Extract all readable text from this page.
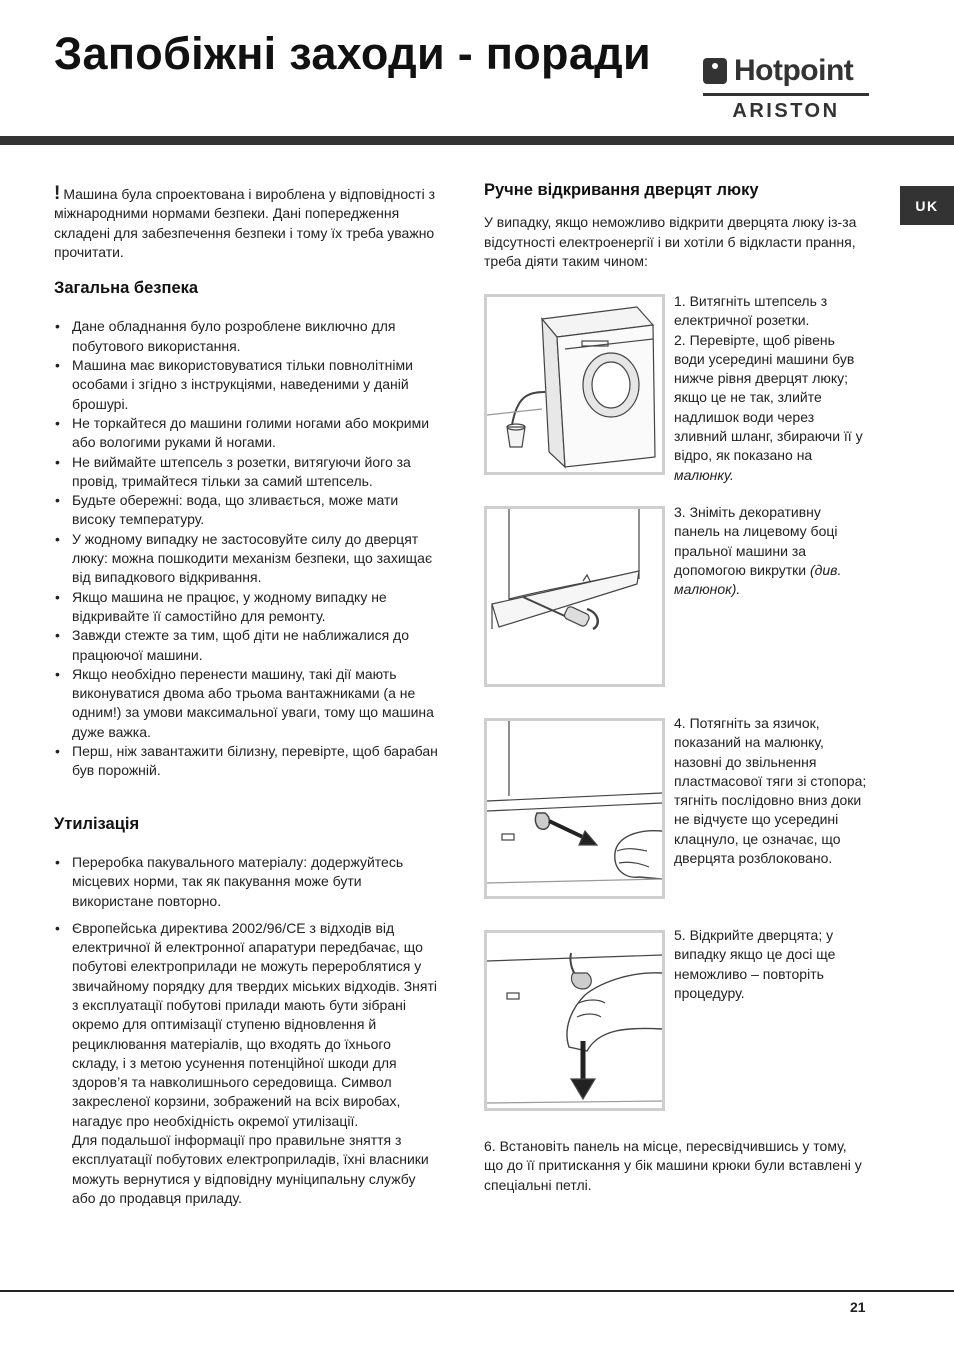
Запобіжні заходи - поради	Hotpoint
ARISTON
UK

! Машина була спроектована і вироблена у відповідності з міжнародними нормами безпеки. Дані попередження складені для забезпечення безпеки і тому їх треба уважно прочитати.

Загальна безпека
• Дане обладнання було розроблене виключно для побутового використання.
• Машина має використовуватися тільки повнолітніми особами і згідно з інструкціями, наведеними у даній брошурі.
• Не торкайтеся до машини голими ногами або мокрими або вологими руками й ногами.
• Не виймайте штепсель з розетки, витягуючи його за провід, тримайтеся тільки за самий штепсель.
• Будьте обережні: вода, що зливається, може мати високу температуру.
• У жодному випадку не застосовуйте силу до дверцят люку: можна пошкодити механізм безпеки, що захищає від випадкового відкривання.
• Якщо машина не працює, у жодному випадку не відкривайте її самостійно для ремонту.
• Завжди стежте за тим, щоб діти не наближалися до працюючої машини.
• Якщо необхідно перенести машину, такі дії мають виконуватися двома або трьома вантажниками (а не одним!) за умови максимальної уваги, тому що машина дуже важка.
• Перш, ніж завантажити білизну, перевірте, щоб барабан був порожній.
Утилізація
• Переробка пакувального матеріалу: додержуйтесь місцевих норми, так як пакування може бути використане повторно.
• Європейська директива 2002/96/СЕ з відходів від електричної й електронної апаратури передбачає, що побутові електроприлади не можуть перероблятися у звичайному порядку для твердих міських відходів. Зняті з експлуатації побутові прилади мають бути зібрані окремо для оптимізації ступеню відновлення й рециклювання матеріалів, що входять до їхнього складу, і з метою усунення потенційної шкоди для здоров’я та навколишнього середовища. Символ закресленої корзини, зображений на всіх виробах, нагадує про необхідність окремої утилізації.
Для подальшої інформації про правильне зняття з експлуатації побутових електроприладів, їхні власники можуть вернутися у відповідну муніципальну службу або до продавця приладу.
Ручне відкривання дверцят люку

У випадку, якщо неможливо відкрити дверцята люку із-за відсутності електроенергії і ви хотіли б відкласти прання, треба діяти таким чином:

1. Витягніть штепсель з електричної розетки.
2. Перевірте, щоб рівень води усередині машини був нижче рівня дверцят люку; якщо це не так, злийте надлишок води через зливний шланг, збираючи її у відро, як показано на малюнку.
3. Зніміть декоративну панель на лицевому боці пральної машини за допомогою викрутки (див. малюнок).
4. Потягніть за язичок, показаний на малюнку, назовні до звільнення пластмасової тяги зі стопора; тягніть послідовно вниз доки не відчуєте що усередині клацнуло, це означає, що дверцята розблоковано.
5. Відкрийте дверцята; у випадку якщо це досі ще неможливо – повторіть процедуру.
6. Встановіть панель на місце, пересвідчившись у тому, що до її притискання у бік машини крюки були вставлені у спеціальні петлі.
21
